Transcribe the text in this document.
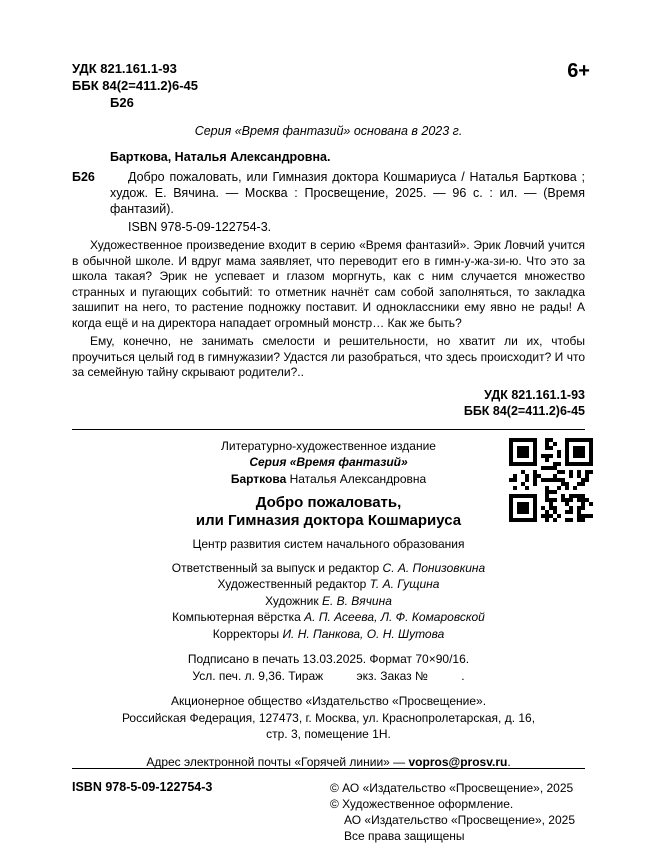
УДК 821.161.1-93
ББК 84(2=411.2)6-45
Б26
6+
Серия «Время фантазий» основана в 2023 г.
Барткова, Наталья Александровна.
Б26	Добро пожаловать, или Гимназия доктора Кошмариуса / Наталья Барткова ; худож. Е. Вячина. — Москва : Просвещение, 2025. — 96 с. : ил. — (Время фантазий).

ISBN 978-5-09-122754-3.

Художественное произведение входит в серию «Время фантазий». Эрик Ловчий учится в обычной школе. И вдруг мама заявляет, что переводит его в гимн-у-жа-зи-ю. Что это за школа такая? Эрик не успевает и глазом моргнуть, как с ним случается множество странных и пугающих событий: то отметник начнёт сам собой заполняться, то закладка зашипит на него, то растение подножку поставит. И одноклассники ему явно не рады! А когда ещё и на директора нападает огромный монстр… Как же быть?

Ему, конечно, не занимать смелости и решительности, но хватит ли их, чтобы проучиться целый год в гимнужазии? Удастся ли разобраться, что здесь происходит? И что за семейную тайну скрывают родители?..

УДК 821.161.1-93
ББК 84(2=411.2)6-45
Литературно-художественное издание
Серия «Время фантазий»
Барткова Наталья Александровна
Добро пожаловать,
или Гимназия доктора Кошмариуса
Центр развития систем начального образования
Ответственный за выпуск и редактор С. А. Понизовкина
Художественный редактор Т. А. Гущина
Художник Е. В. Вячина
Компьютерная вёрстка А. П. Асеева, Л. Ф. Комаровской
Корректоры И. Н. Панкова, О. Н. Шутова
Подписано в печать 13.03.2025. Формат 70×90/16.
Усл. печ. л. 9,36. Тираж          экз. Заказ №          .
Акционерное общество «Издательство «Просвещение».
Российская Федерация, 127473, г. Москва, ул. Краснопролетарская, д. 16,
стр. 3, помещение 1Н.
Адрес электронной почты «Горячей линии» — vopros@prosv.ru.
ISBN 978-5-09-122754-3	© АО «Издательство «Просвещение», 2025
© Художественное оформление.
АО «Издательство «Просвещение», 2025
Все права защищены
